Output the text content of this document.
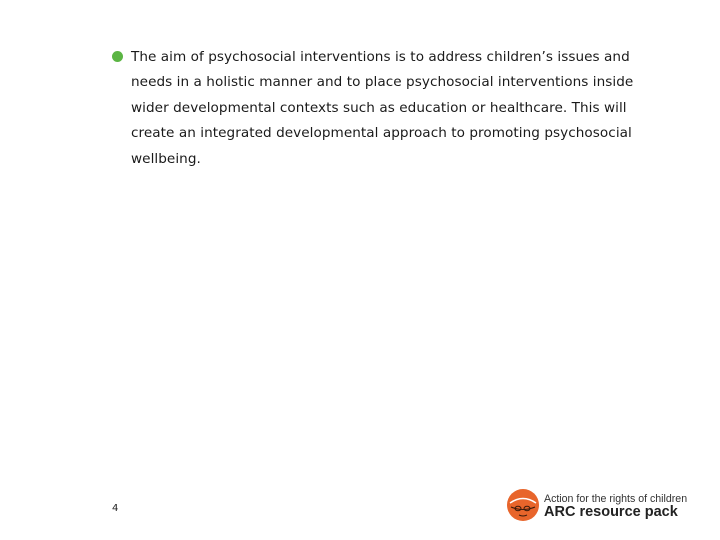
The aim of psychosocial interventions is to address children’s issues and needs in a holistic manner and to place psychosocial interventions inside wider developmental contexts such as education or healthcare. This will create an integrated developmental approach to promoting psychosocial wellbeing.

4
Action for the rights of children
ARC resource pack
